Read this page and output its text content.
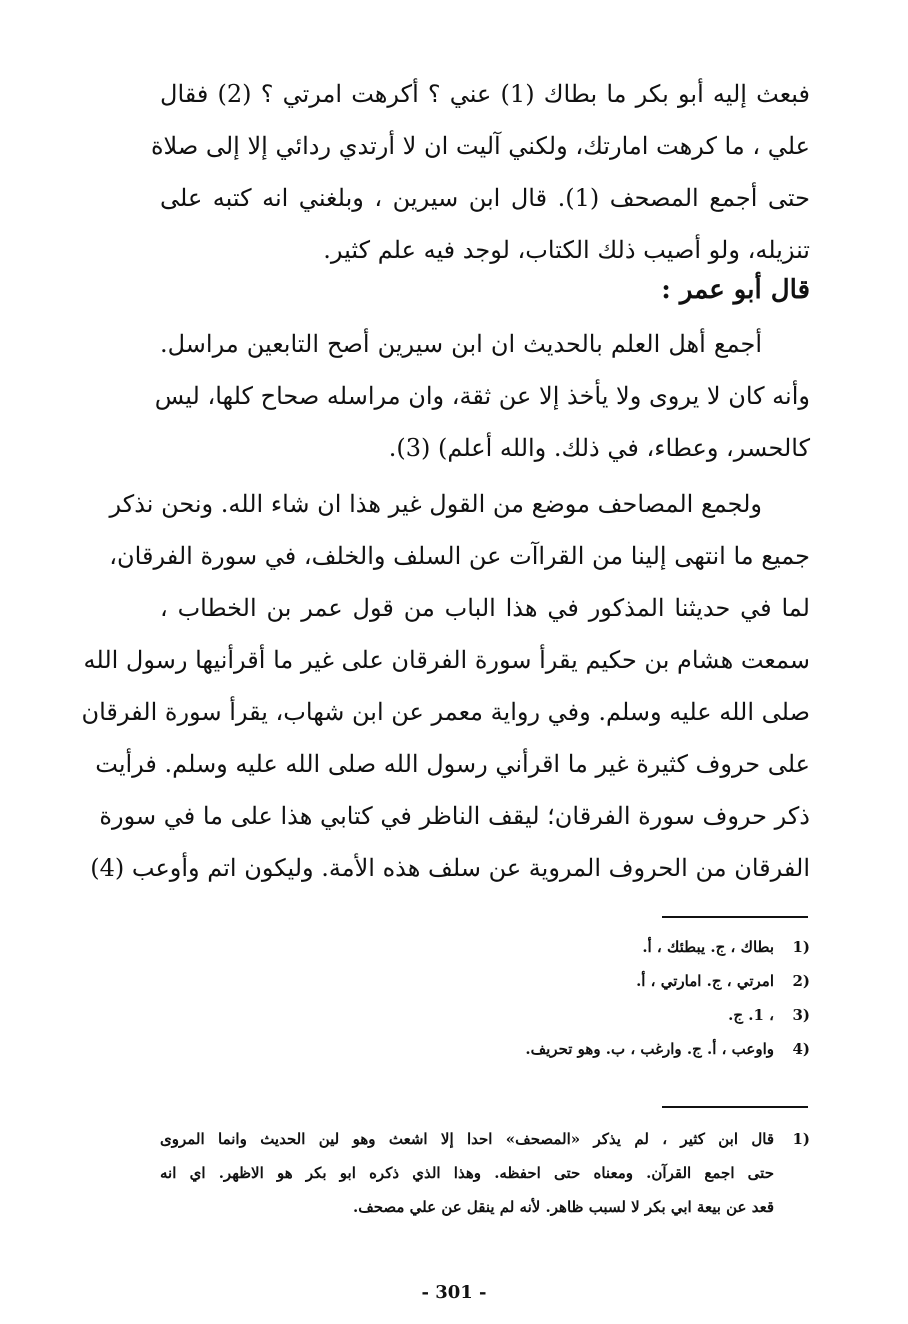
فبعث إليه أبو بكر ما بطاك (1) عني ؟ أكرهت امرتي ؟ (2) فقال
علي ، ما كرهت امارتك، ولكني آليت ان لا أرتدي ردائي إلا إلى صلاة
حتى أجمع المصحف (1). قال ابن سيرين ، وبلغني انه كتبه على
تنزيله، ولو أصيب ذلك الكتاب، لوجد فيه علم كثير.
قال أبو عمر :
أجمع أهل العلم بالحديث ان ابن سيرين أصح التابعين مراسل.
وأنه كان لا يروى ولا يأخذ إلا عن ثقة، وان مراسله صحاح كلها، ليس
كالحسر، وعطاء، في ذلك. والله أعلم) (3).
ولجمع المصاحف موضع من القول غير هذا ان شاء الله. ونحن نذكر
جميع ما انتهى إلينا من القراآت عن السلف والخلف، في سورة الفرقان،
لما في حديثنا المذكور في هذا الباب من قول عمر بن الخطاب ،
سمعت هشام بن حكيم يقرأ سورة الفرقان على غير ما أقرأنيها رسول الله
صلى الله عليه وسلم. وفي رواية معمر عن ابن شهاب، يقرأ سورة الفرقان
على حروف كثيرة غير ما اقرأني رسول الله صلى الله عليه وسلم. فرأيت
ذكر حروف سورة الفرقان؛ ليقف الناظر في كتابي هذا على ما في سورة
الفرقان من الحروف المروية عن سلف هذه الأمة. وليكون اتم وأوعب (4)
(1
بطاك ، ج. يبطئك ، أ.
(2
امرتي ، ج. امارتي ، أ.
(3
، 1. ج.
(4
واوعب ، أ. ج. وارغب ، ب. وهو تحريف.
(1
قال ابن كثير ، لم يذكر «المصحف» احدا إلا اشعث وهو لين الحديث وانما المروى
حتى اجمع القرآن. ومعناه حتى احفظه. وهذا الذي ذكره ابو بكر هو الاظهر. اي انه
قعد عن بيعة ابي بكر لا لسبب ظاهر. لأنه لم ينقل عن علي مصحف.
- 301 -
